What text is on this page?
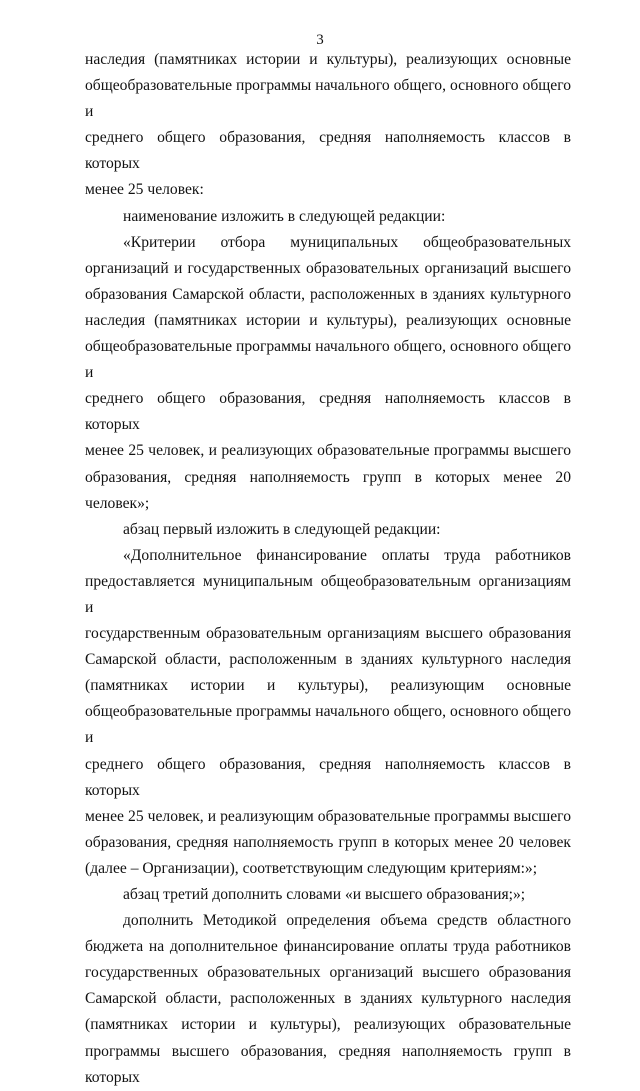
3

наследия (памятниках истории и культуры), реализующих основные
общеобразовательные программы начального общего, основного общего и
среднего общего образования, средняя наполняемость классов в которых
менее 25 человек:

наименование изложить в следующей редакции:

«Критерии отбора муниципальных общеобразовательных
организаций и государственных образовательных организаций высшего
образования Самарской области, расположенных в зданиях культурного
наследия (памятниках истории и культуры), реализующих основные
общеобразовательные программы начального общего, основного общего и
среднего общего образования, средняя наполняемость классов в которых
менее 25 человек, и реализующих образовательные программы высшего
образования, средняя наполняемость групп в которых менее 20 человек»;

абзац первый изложить в следующей редакции:

«Дополнительное финансирование оплаты труда работников
предоставляется муниципальным общеобразовательным организациям и
государственным образовательным организациям высшего образования
Самарской области, расположенным в зданиях культурного наследия
(памятниках истории и культуры), реализующим основные
общеобразовательные программы начального общего, основного общего и
среднего общего образования, средняя наполняемость классов в которых
менее 25 человек, и реализующим образовательные программы высшего
образования, средняя наполняемость групп в которых менее 20 человек
(далее – Организации), соответствующим следующим критериям:»;

абзац третий дополнить словами «и высшего образования;»;

дополнить Методикой определения объема средств областного
бюджета на дополнительное финансирование оплаты труда работников
государственных образовательных организаций высшего образования
Самарской области, расположенных в зданиях культурного наследия
(памятниках истории и культуры), реализующих образовательные
программы высшего образования, средняя наполняемость групп в которых
